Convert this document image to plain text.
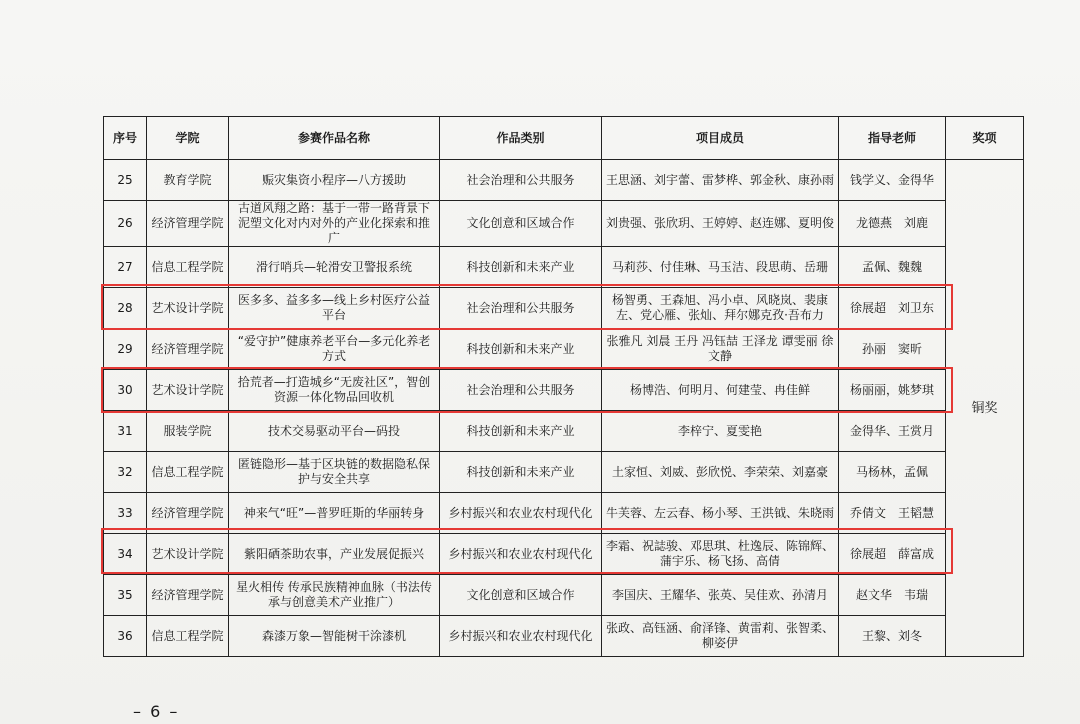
序号	学院	参赛作品名称	作品类别	项目成员	指导老师	奖项
25	教育学院	赈灾集资小程序—八方援助	社会治理和公共服务	王思涵、刘宇蕾、雷梦桦、郭金秋、康孙雨	钱学义、金得华	铜奖
26	经济管理学院	古道风翔之路：基于一带一路背景下泥塑文化对内对外的产业化探索和推广	文化创意和区域合作	刘贵强、张欣玥、王婷婷、赵连娜、夏明俊	龙德燕　刘鹿	
27	信息工程学院	滑行哨兵—轮滑安卫警报系统	科技创新和未来产业	马莉莎、付佳琳、马玉洁、段思萌、岳珊	孟佩、魏魏	
28	艺术设计学院	医多多、益多多—线上乡村医疗公益平台	社会治理和公共服务	杨智勇、王森旭、冯小卓、风晓岚、裴康左、党心雁、张灿、拜尔娜克孜·吾布力	徐展超　刘卫东	
29	经济管理学院	“爱守护”健康养老平台—多元化养老方式	科技创新和未来产业	张雅凡 刘晨 王丹 冯钰喆 王泽龙 谭雯丽 徐文静	孙丽　窦昕	
30	艺术设计学院	拾荒者—打造城乡“无废社区”，智创资源一体化物品回收机	社会治理和公共服务	杨博浩、何明月、何建莹、冉佳鲜	杨丽丽，姚梦琪	
31	服装学院	技术交易驱动平台—码投	科技创新和未来产业	李梓宁、夏雯艳	金得华、王赏月	
32	信息工程学院	匿链隐形—基于区块链的数据隐私保护与安全共享	科技创新和未来产业	土家恒、刘威、彭欣悦、李荣荣、刘嘉豪	马杨林，孟佩	
33	经济管理学院	神来气“旺”—普罗旺斯的华丽转身	乡村振兴和农业农村现代化	牛芙蓉、左云春、杨小琴、王洪钺、朱晓雨	乔倩文　王韬慧	
34	艺术设计学院	紫阳硒茶助农事，产业发展促振兴	乡村振兴和农业农村现代化	李霜、祝誌骏、邓思琪、杜逸辰、陈锦辉、蒲宇乐、杨飞扬、高倩	徐展超　薛富成	
35	经济管理学院	星火相传 传承民族精神血脉（书法传承与创意美术产业推广）	文化创意和区域合作	李国庆、王耀华、张英、吴佳欢、孙清月	赵文华　韦瑞	
36	信息工程学院	森漆万象—智能树干涂漆机	乡村振兴和农业农村现代化	张政、高钰涵、俞泽锋、黄雷莉、张智柔、柳姿伊	王黎、刘冬	
– 6 –
